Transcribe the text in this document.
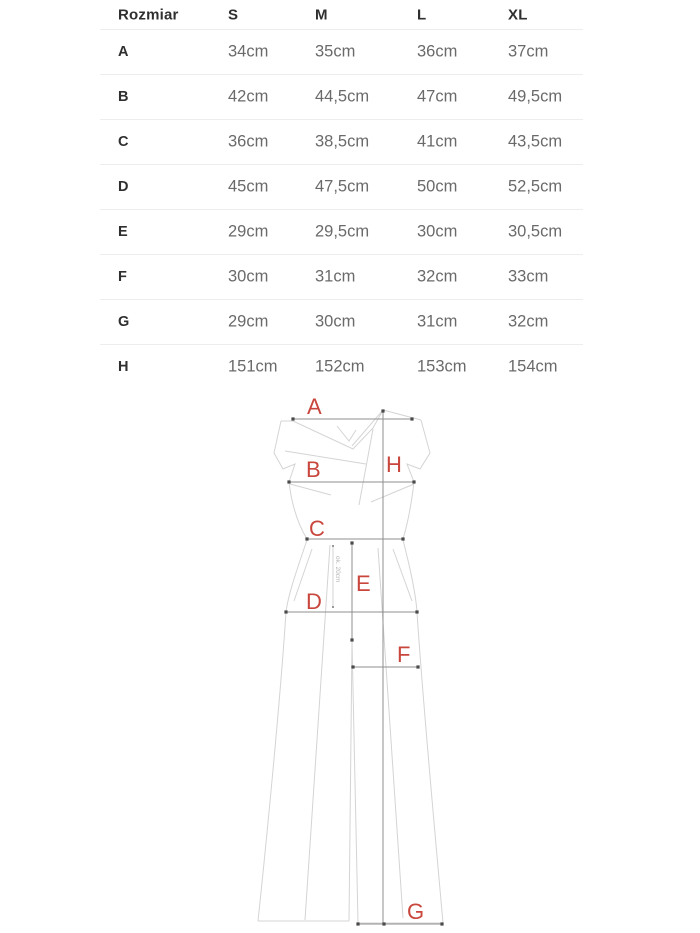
Rozmiar	S	M	L	XL
A	34cm	35cm	36cm	37cm
B	42cm	44,5cm	47cm	49,5cm
C	36cm	38,5cm	41cm	43,5cm
D	45cm	47,5cm	50cm	52,5cm
E	29cm	29,5cm	30cm	30,5cm
F	30cm	31cm	32cm	33cm
G	29cm	30cm	31cm	32cm
H	151cm 152cm	153cm	154cm
A
B
C
D
E
F
G
H
ok. 20cm
